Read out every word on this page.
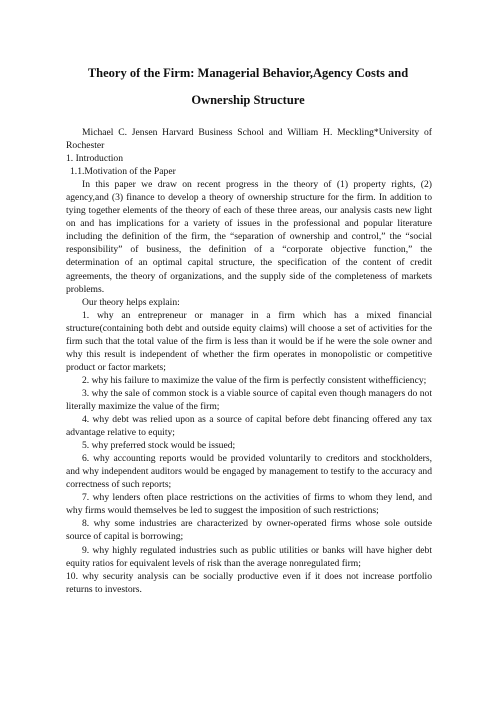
Theory of the Firm: Managerial Behavior,Agency Costs and
Ownership Structure

Michael C. Jensen Harvard Business School and William H. Meckling*University of Rochester

1. Introduction

1.1.Motivation of the Paper

In this paper we draw on recent progress in the theory of (1) property rights, (2) agency,and (3) finance to develop a theory of ownership structure for the firm. In addition to tying together elements of the theory of each of these three areas, our analysis casts new light on and has implications for a variety of issues in the professional and popular literature including the definition of the firm, the “separation of ownership and control,” the “social responsibility” of business, the definition of a “corporate objective function,” the determination of an optimal capital structure, the specification of the content of credit agreements, the theory of organizations, and the supply side of the completeness of markets problems.

Our theory helps explain:

1. why an entrepreneur or manager in a firm which has a mixed financial structure(containing both debt and outside equity claims) will choose a set of activities for the firm such that the total value of the firm is less than it would be if he were the sole owner and why this result is independent of whether the firm operates in monopolistic or competitive product or factor markets;

2. why his failure to maximize the value of the firm is perfectly consistent withefficiency;

3. why the sale of common stock is a viable source of capital even though managers do not literally maximize the value of the firm;

4. why debt was relied upon as a source of capital before debt financing offered any tax advantage relative to equity;

5. why preferred stock would be issued;

6. why accounting reports would be provided voluntarily to creditors and stockholders, and why independent auditors would be engaged by management to testify to the accuracy and correctness of such reports;

7. why lenders often place restrictions on the activities of firms to whom they lend, and why firms would themselves be led to suggest the imposition of such restrictions;

8. why some industries are characterized by owner-operated firms whose sole outside source of capital is borrowing;

9. why highly regulated industries such as public utilities or banks will have higher debt equity ratios for equivalent levels of risk than the average nonregulated firm;

10. why security analysis can be socially productive even if it does not increase portfolio returns to investors.
